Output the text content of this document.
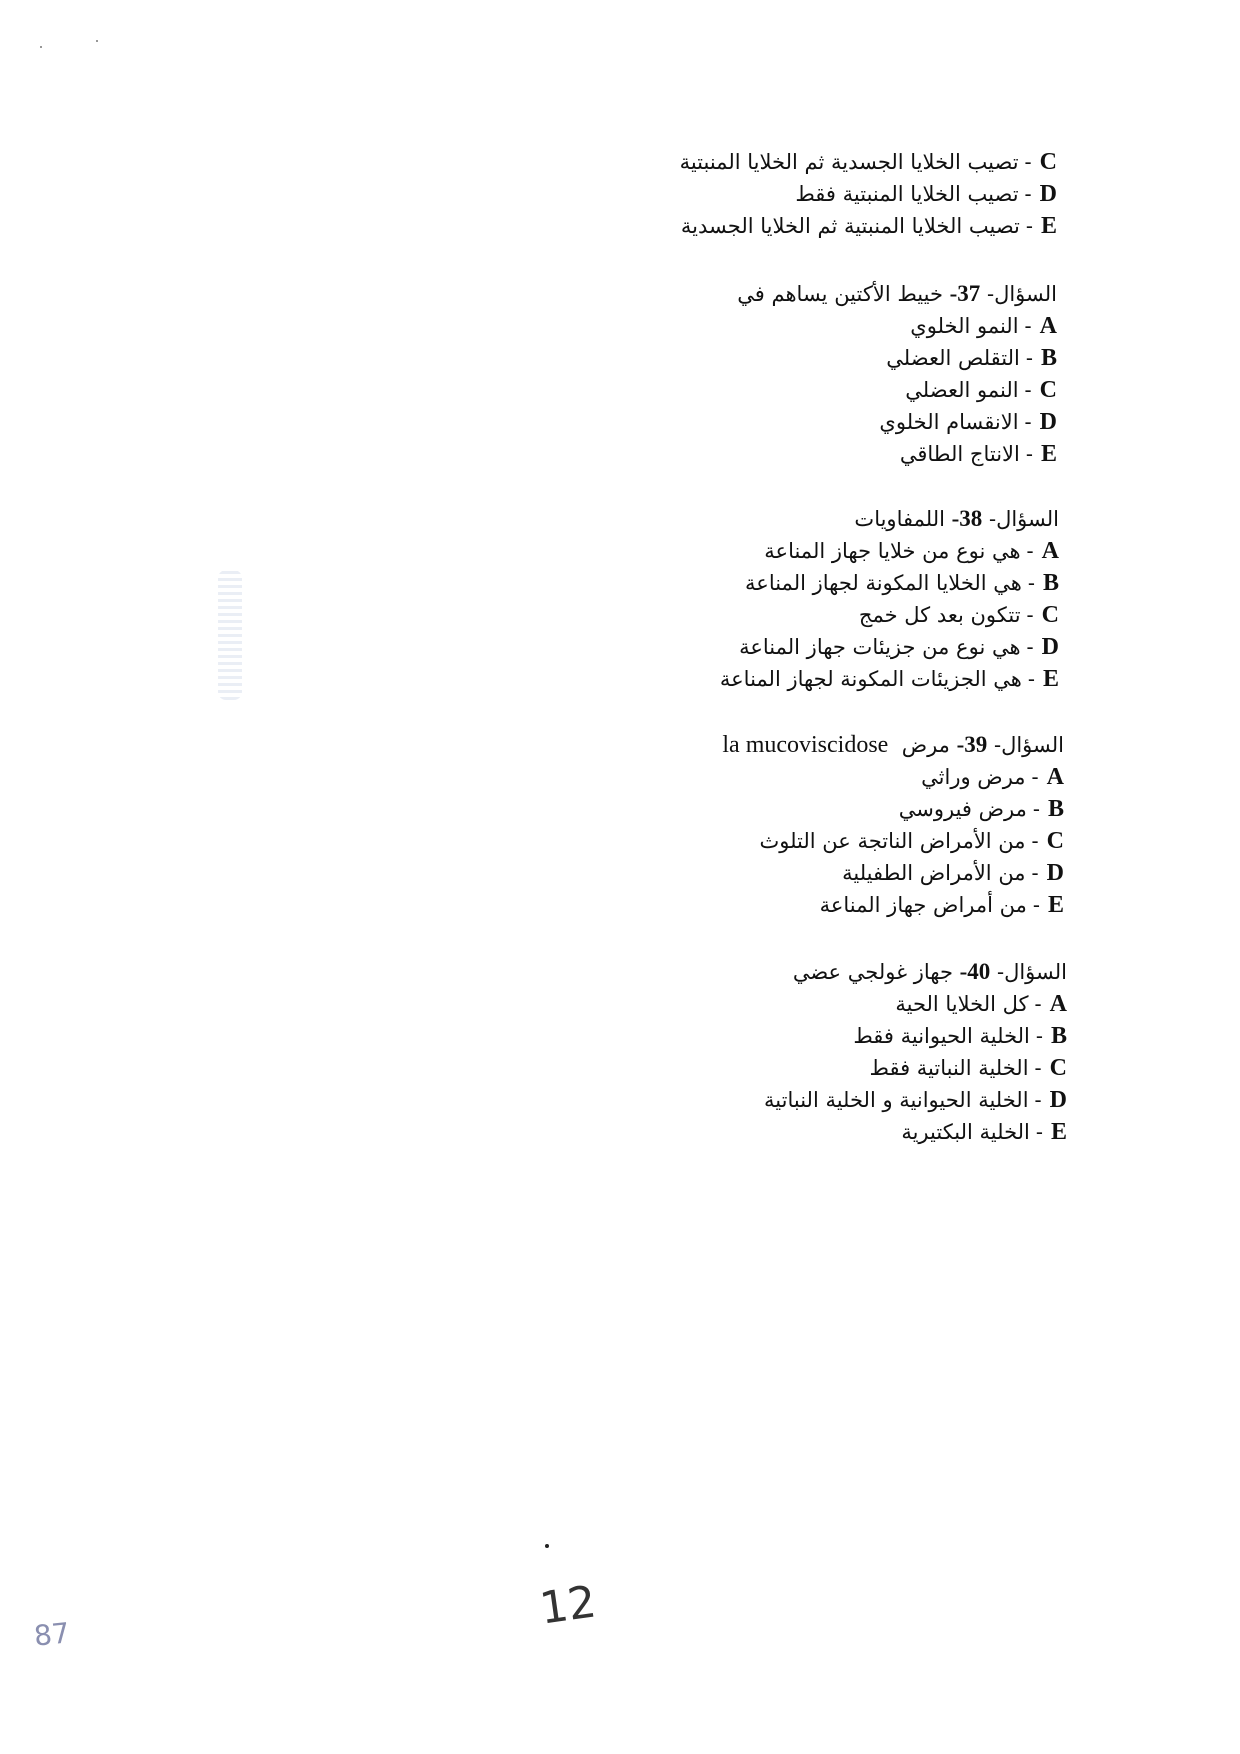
C-تصيب الخلايا الجسدية ثم الخلايا المنبتية
D-تصيب الخلايا المنبتية فقط
E-تصيب الخلايا المنبتية ثم الخلايا الجسدية
السؤال- 37- خييط الأكتين يساهم في
A-النمو الخلوي
B-التقلص العضلي
C-النمو العضلي
D-الانقسام الخلوي
E-الانتاج الطاقي
السؤال- 38- اللمفاويات
A-هي نوع من خلايا جهاز المناعة
B-هي الخلايا المكونة لجهاز المناعة
C-تتكون بعد كل خمج
D-هي نوع من جزيئات جهاز المناعة
E-هي الجزيئات المكونة لجهاز المناعة
السؤال- 39- مرض  la mucoviscidose
A-مرض وراثي
B-مرض فيروسي
C-من الأمراض الناتجة عن التلوث
D-من الأمراض الطفيلية
E-من أمراض جهاز المناعة
السؤال- 40- جهاز غولجي عضي
A-كل الخلايا الحية
B-الخلية الحيوانية فقط
C-الخلية النباتية فقط
D-الخلية الحيوانية و الخلية النباتية
E-الخلية البكتيرية
12
87
